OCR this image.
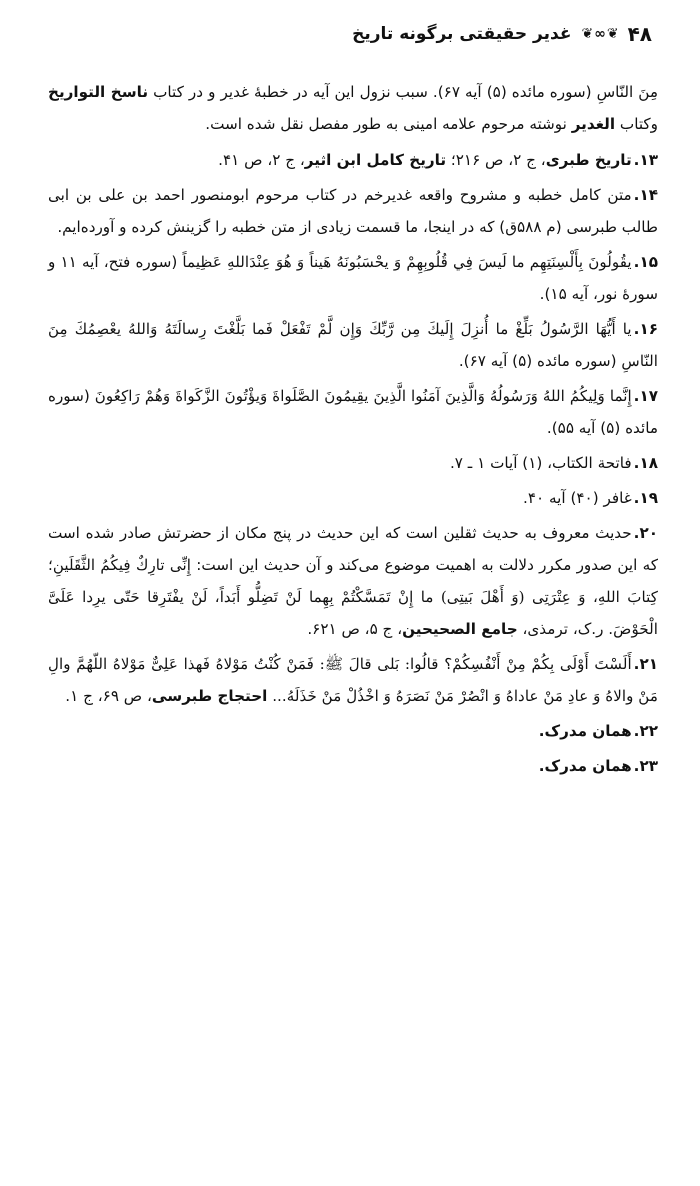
۴۸
❦∞❦
غدیر حقیقتی برگونه تاریخ

مِنَ النّاسِ (سوره مائده (۵) آیه ۶۷). سبب نزول این آیه در خطبهٔ غدیر و در کتاب ناسخ التواریخ وکتاب الغدیر نوشته مرحوم علامه امینی به طور مفصل نقل شده است.

۱۳.تاریخ طبری، ج ۲، ص ۲۱۶؛ تاریخ کامل ابن اثیر، ج ۲، ص ۴۱.
۱۴.متن کامل خطبه و مشروح واقعه غدیرخم در کتاب مرحوم ابومنصور احمد بن علی بن ابی طالب طبرسی (م ۵۸۸ق) که در اینجا، ما قسمت زیادی از متن خطبه را گزینش کرده و آورده‌ایم.
۱۵.یقُولُونَ بِأَلْسِنَتِهِم ما لَیسَ فِي قُلُوبِهِمْ وَ یحْسَبُونَهُ هَیناً وَ هُوَ عِنْدَاللهِ عَظِیماً (سوره فتح، آیه ۱۱ و سورهٔ نور، آیه ۱۵).
۱۶.یا أَیُّهَا الرَّسُولُ بَلِّغْ ما أُنزِلَ إِلَیكَ مِن رَّبِّكَ وَإِن لَّمْ تَفْعَلْ فَما بَلَّغْتَ رِسالَتَهُ وَاللهُ یعْصِمُكَ مِنَ النّاسِ (سوره مائده (۵) آیه ۶۷).
۱۷.إِنَّما وَلِیكُمُ اللهُ وَرَسُولُهُ وَالَّذِینَ آمَنُوا الَّذِینَ یقِیمُونَ الصَّلَواةَ وَیؤْتُونَ الزَّكَواةَ وَهُمْ رَاكِعُونَ (سوره مائده (۵) آیه ۵۵).
۱۸.فاتحة الکتاب، (۱) آیات ۱ ـ ۷.
۱۹.غافر (۴۰) آیه ۴۰.
۲۰.حدیث معروف به حدیث ثقلین است که این حدیث در پنج مکان از حضرتش صادر شده است که این صدور مکرر دلالت به اهمیت موضوع می‌کند و آن حدیث این است: إِنِّی تارِكٌ فِیكُمُ الثَّقَلَینِ؛ كِتابَ اللهِ، وَ عِتْرَتِی (وَ أَهْلَ بَیتِی) ما إِنْ تَمَسَّكْتُمْ بِهِما لَنْ تَضِلُّو أَبَداً، لَنْ یفْتَرِقا حَتّی یرِدا عَلَیَّ الْحَوْضَ. ر.ک، ترمذی، جامع الصحیحین، ج ۵، ص ۶۲۱.
۲۱.أَلَسْتَ أَوْلَی بِكُمْ مِنْ أَنْفُسِكُمْ؟ قالُوا: بَلی قالَ ﷺ: فَمَنْ كُنْتُ مَوْلاهُ فَهذا عَلِیٌّ مَوْلاهُ اللّهُمَّ والِ مَنْ والاهُ وَ عادِ مَنْ عاداهُ وَ انْصُرْ مَنْ نَصَرَهُ وَ اخْذُلْ مَنْ خَذَلَهُ... احتجاج طبرسی، ص ۶۹، ج ۱.
۲۲.همان مدرک.
۲۳.همان مدرک.
